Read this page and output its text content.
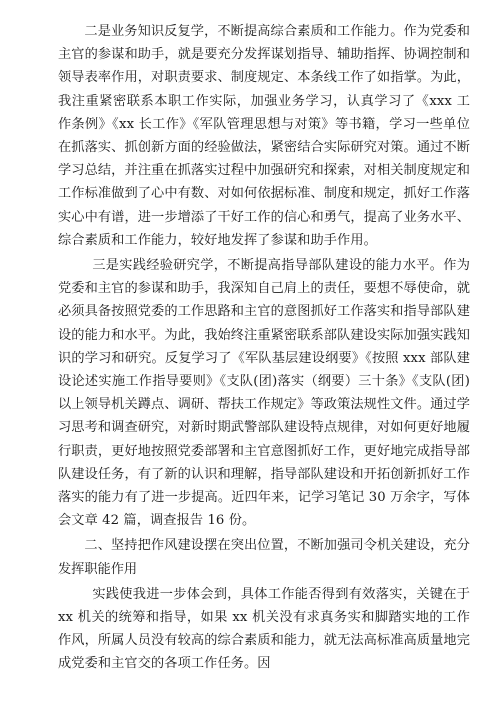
二是业务知识反复学，不断提高综合素质和工作能力。作为党委和主官的参谋和助手，就是要充分发挥谋划指导、辅助指挥、协调控制和领导表率作用，对职责要求、制度规定、本条线工作了如指掌。为此，我注重紧密联系本职工作实际，加强业务学习，认真学习了《xxx 工作条例》《xx 长工作》《军队管理思想与对策》等书籍，学习一些单位在抓落实、抓创新方面的经验做法，紧密结合实际研究对策。通过不断学习总结，并注重在抓落实过程中加强研究和探索，对相关制度规定和工作标准做到了心中有数、对如何依据标准、制度和规定，抓好工作落实心中有谱，进一步增添了干好工作的信心和勇气，提高了业务水平、综合素质和工作能力，较好地发挥了参谋和助手作用。

三是实践经验研究学，不断提高指导部队建设的能力水平。作为党委和主官的参谋和助手，我深知自己肩上的责任，要想不辱使命，就必须具备按照党委的工作思路和主官的意图抓好工作落实和指导部队建设的能力和水平。为此，我始终注重紧密联系部队建设实际加强实践知识的学习和研究。反复学习了《军队基层建设纲要》《按照 xxx 部队建设论述实施工作指导要则》《支队(团)落实（纲要）三十条》《支队(团)以上领导机关蹲点、调研、帮扶工作规定》等政策法规性文件。通过学习思考和调查研究，对新时期武警部队建设特点规律，对如何更好地履行职责，更好地按照党委部署和主官意图抓好工作，更好地完成指导部队建设任务，有了新的认识和理解，指导部队建设和开拓创新抓好工作落实的能力有了进一步提高。近四年来，记学习笔记 30 万余字，写体会文章 42 篇，调查报告 16 份。

二、坚持把作风建设摆在突出位置，不断加强司令机关建设，充分发挥职能作用

实践使我进一步体会到，具体工作能否得到有效落实，关键在于 xx 机关的统筹和指导，如果 xx 机关没有求真务实和脚踏实地的工作作风，所属人员没有较高的综合素质和能力，就无法高标准高质量地完成党委和主官交的各项工作任务。因
